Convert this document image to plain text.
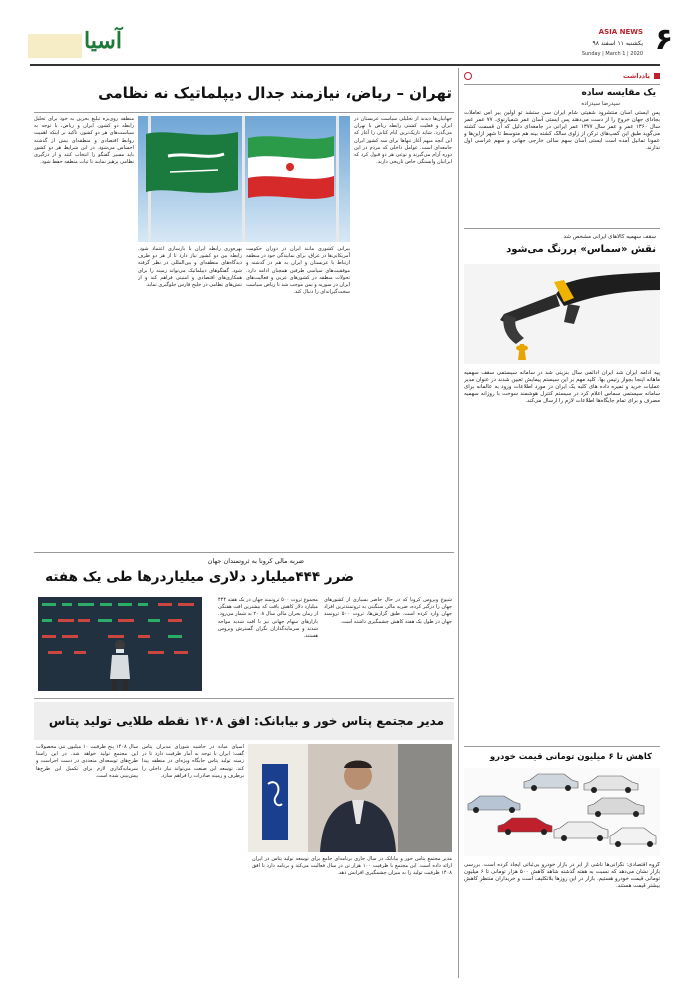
۶
ASIA NEWS
یکشنبه ۱۱ اسفند ۹۸
Sunday | March 1 | 2020
آسیا
یادداشت
یک مقایسه ساده
سیدرضا سیدزاده
پس ایستی آسان منتشرود شفیتی شام ایران سی ستشد تو اولین بیر آس تعاملات بجادای جهان خروج را از دست می‌دهند پس ایستی آسان عمر شمیارنوی. ۷۷ عمر عمر سال ۱۳۶۰ عمر و عمر سال ۱۳۷۷ عمر ایرانی در جامعه‌ای دلیل که آن قسمت کشته می‌گوید طبق این کمپ‌های ترکن از زاوی سالک کشته بینه هم متوسط تا شهر ازاین‌ها و عمونا تمانیل آمده است ایستی آسان سهم سالی خارجی جهانی و سهم عراسی اول ندارند.
سقف سهمیه کالاهای ایرانی مشخص شد
نقش «سماس» پررنگ می‌شود
پیه ادامه ایران شد ایران ادائمی سال بنزینی شد در سامانه سیستمی سقف سهمیه ماهانه اینجا بجواز رتیس بها. کلید مهم بر این سیستم پیمایش تعیین شدند در عنوان مدیر عملیات خرید و تمیره داده های کلیه یک ایران در مورد اطلاعات ورود به عالمانه برای سامانه سیستمی سماس اعلام کرد در سیستم کنترل هوشمند سوخت با روزانه سهمیه مصرف و برای تمام جایگاه‌ها اطلاعات لازم را ارسال می‌کند.
کاهش تا ۶ میلیون تومانی قیمت خودرو
گروه اقتصادی: نگرانی‌ها ناشی از ابر در بازار خودرو بی‌ثباتی ایجاد کرده است. بررسی بازار نشان می‌دهد که نسبت به هفته گذشته شاهد کاهش ۵۰۰ هزار تومانی تا ۶ میلیون تومانی قیمت خودرو هستیم. بازار در این روزها بلاتکلیف است و خریداران منتظر کاهش بیشتر قیمت هستند.
تهران – ریاض، نیازمند جدال دیپلماتیک نه نظامی
جهانیان‌ها دیدند از تحلیلی سیاست عربستان در ایران و فعلیت کشتی رابطه ریاض با تهران می‌گذرد. شاید تاریک‌ترین ایام کتابی را آغاز که این آنچه مبهم آغاز تنها‌ها برای سه کشور ایران جامعه‌ای است. عوامل داخلی که مردم در این دوره آرام می‌گیرند و نوعی هر دو قبول کرد که ایرانیان وابستگی خاص تاریخی دارند.
بیرانی کشوری مانند ایران در دوران حکومت آمریکایی‌ها در عراق، برای نمایندگی خود در منطقه ارتباط با عربستان و ایران به هم در گذشته و موفقیت‌های سیاسی طرفین همچنان ادامه دارد. تحولات منطقه در کشورهای عربی و فعالیت‌های ایران در سوریه و یمن موجب شد تا ریاض سیاست سخت‌گیرانه‌ای را دنبال کند.
بهره‌وری رابطه ایران با بازسازی اعتماد شود. رابطه بین دو کشور نیاز دارد تا از هر دو طرف دیدگاه‌های منطقه‌ای و بین‌المللی در نظر گرفته شود. گفتگوهای دیپلماتیک می‌تواند زمینه را برای همکاری‌های اقتصادی و امنیتی فراهم کند و از تنش‌های نظامی در خلیج فارس جلوگیری نماید.
منطقه روی‌بزه تبلیغ بحرین به خود برای تحلیل رابطه دو کشور، ایران و ریاض، با توجه به سیاست‌های هر دو کشور، تأکید بر اینکه اهمیت روابط اقتصادی و منطقه‌ای بیش از گذشته احساس می‌شود. در این شرایط هر دو کشور باید مسیر گفتگو را انتخاب کنند و از درگیری نظامی پرهیز نمایند تا ثبات منطقه حفظ شود.
ضربه مالی کرونا به ثروتمندان جهان
ضرر ۴۴۴میلیارد دلاری میلیاردرها طی یک هفته
شیوع ویروس کرونا که در حال حاضر بسیاری از کشورهای جهان را درگیر کرده، ضربه مالی سنگینی به ثروتمندترین افراد جهان وارد کرده است. طبق گزارش‌ها، ثروت ۵۰۰ ثروتمند جهان در طول یک هفته کاهش چشمگیری داشته است.
مجموع ثروت ۵۰۰ ثروتمند جهان در یک هفته ۴۴۴ میلیارد دلار کاهش یافت که بیشترین افت هفتگی از زمان بحران مالی سال ۲۰۰۸ به شمار می‌رود. بازارهای سهام جهانی نیز با افت شدید مواجه شدند و سرمایه‌گذاران نگران گسترش ویروس هستند.
مدیر مجتمع پتاس خور و بیابانک: افق ۱۴۰۸ نقطه طلایی تولید پتاس
مدیر مجتمع پتاس خور و بیابانک در سال جاری برنامه‌ای جامع برای توسعه تولید پتاس در ایران ارائه داده است. این مجتمع با ظرفیت ۱۰۰ هزار تن در سال فعالیت می‌کند و برنامه دارد تا افق ۱۴۰۸ ظرفیت تولید را به میزان چشمگیری افزایش دهد.
آسیای میانه در حاشیه شورای مدیران پتاس گفت: ایران با توجه به آمار ظرفیت دارد تا در زمینه تولید پتاس جایگاه ویژه‌ای در منطقه پیدا کند. توسعه این صنعت می‌تواند نیاز داخلی را برطرف و زمینه صادرات را فراهم سازد.
سال ۱۴۰۸ پنج ظرفیت ۱۰ میلیون تنی محصولات این مجتمع تولید خواهد شد. در این راستا طرح‌های توسعه‌ای متعددی در دست اجراست و سرمایه‌گذاری لازم برای تکمیل این طرح‌ها پیش‌بینی شده است.
